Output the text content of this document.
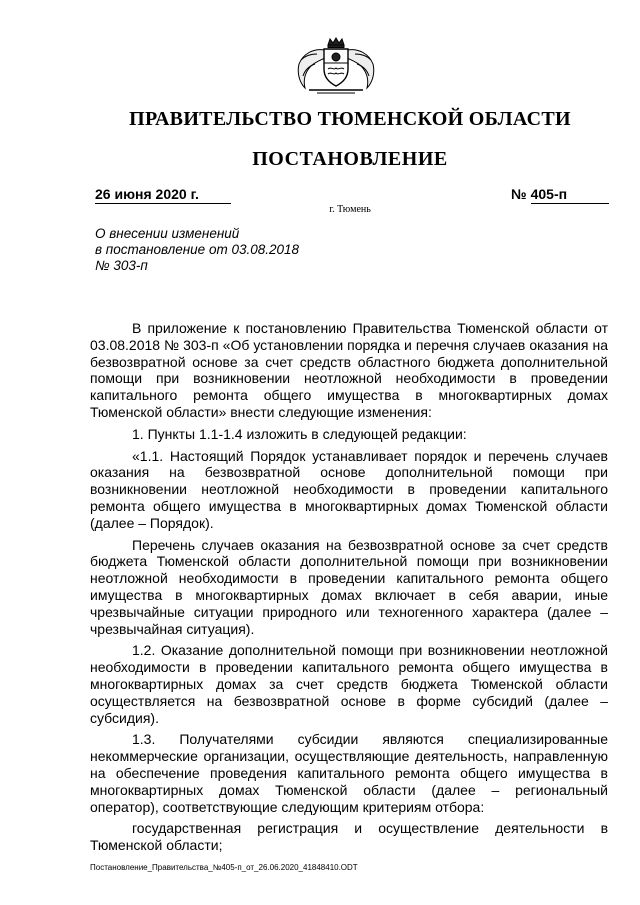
ПРАВИТЕЛЬСТВО ТЮМЕНСКОЙ ОБЛАСТИ
ПОСТАНОВЛЕНИЕ
26 июня 2020 г.	№ 405-п
г. Тюмень
О внесении изменений
в постановление от 03.08.2018
№ 303-п

В приложение к постановлению Правительства Тюменской области от 03.08.2018 № 303-п «Об установлении порядка и перечня случаев оказания на безвозвратной основе за счет средств областного бюджета дополнительной помощи при возникновении неотложной необходимости в проведении капитального ремонта общего имущества в многоквартирных домах Тюменской области» внести следующие изменения:

1. Пункты 1.1-1.4 изложить в следующей редакции:

«1.1. Настоящий Порядок устанавливает порядок и перечень случаев оказания на безвозвратной основе дополнительной помощи при возникновении неотложной необходимости в проведении капитального ремонта общего имущества в многоквартирных домах Тюменской области (далее – Порядок).

Перечень случаев оказания на безвозвратной основе за счет средств бюджета Тюменской области дополнительной помощи при возникновении неотложной необходимости в проведении капитального ремонта общего имущества в многоквартирных домах включает в себя аварии, иные чрезвычайные ситуации природного или техногенного характера (далее – чрезвычайная ситуация).

1.2. Оказание дополнительной помощи при возникновении неотложной необходимости в проведении капитального ремонта общего имущества в многоквартирных домах за счет средств бюджета Тюменской области осуществляется на безвозвратной основе в форме субсидий (далее – субсидия).

1.3. Получателями субсидии являются специализированные некоммерческие организации, осуществляющие деятельность, направленную на обеспечение проведения капитального ремонта общего имущества в многоквартирных домах Тюменской области (далее – региональный оператор), соответствующие следующим критериям отбора:

государственная регистрация и осуществление деятельности в Тюменской области;

Постановление_Правительства_№405-п_от_26.06.2020_41848410.ODT
